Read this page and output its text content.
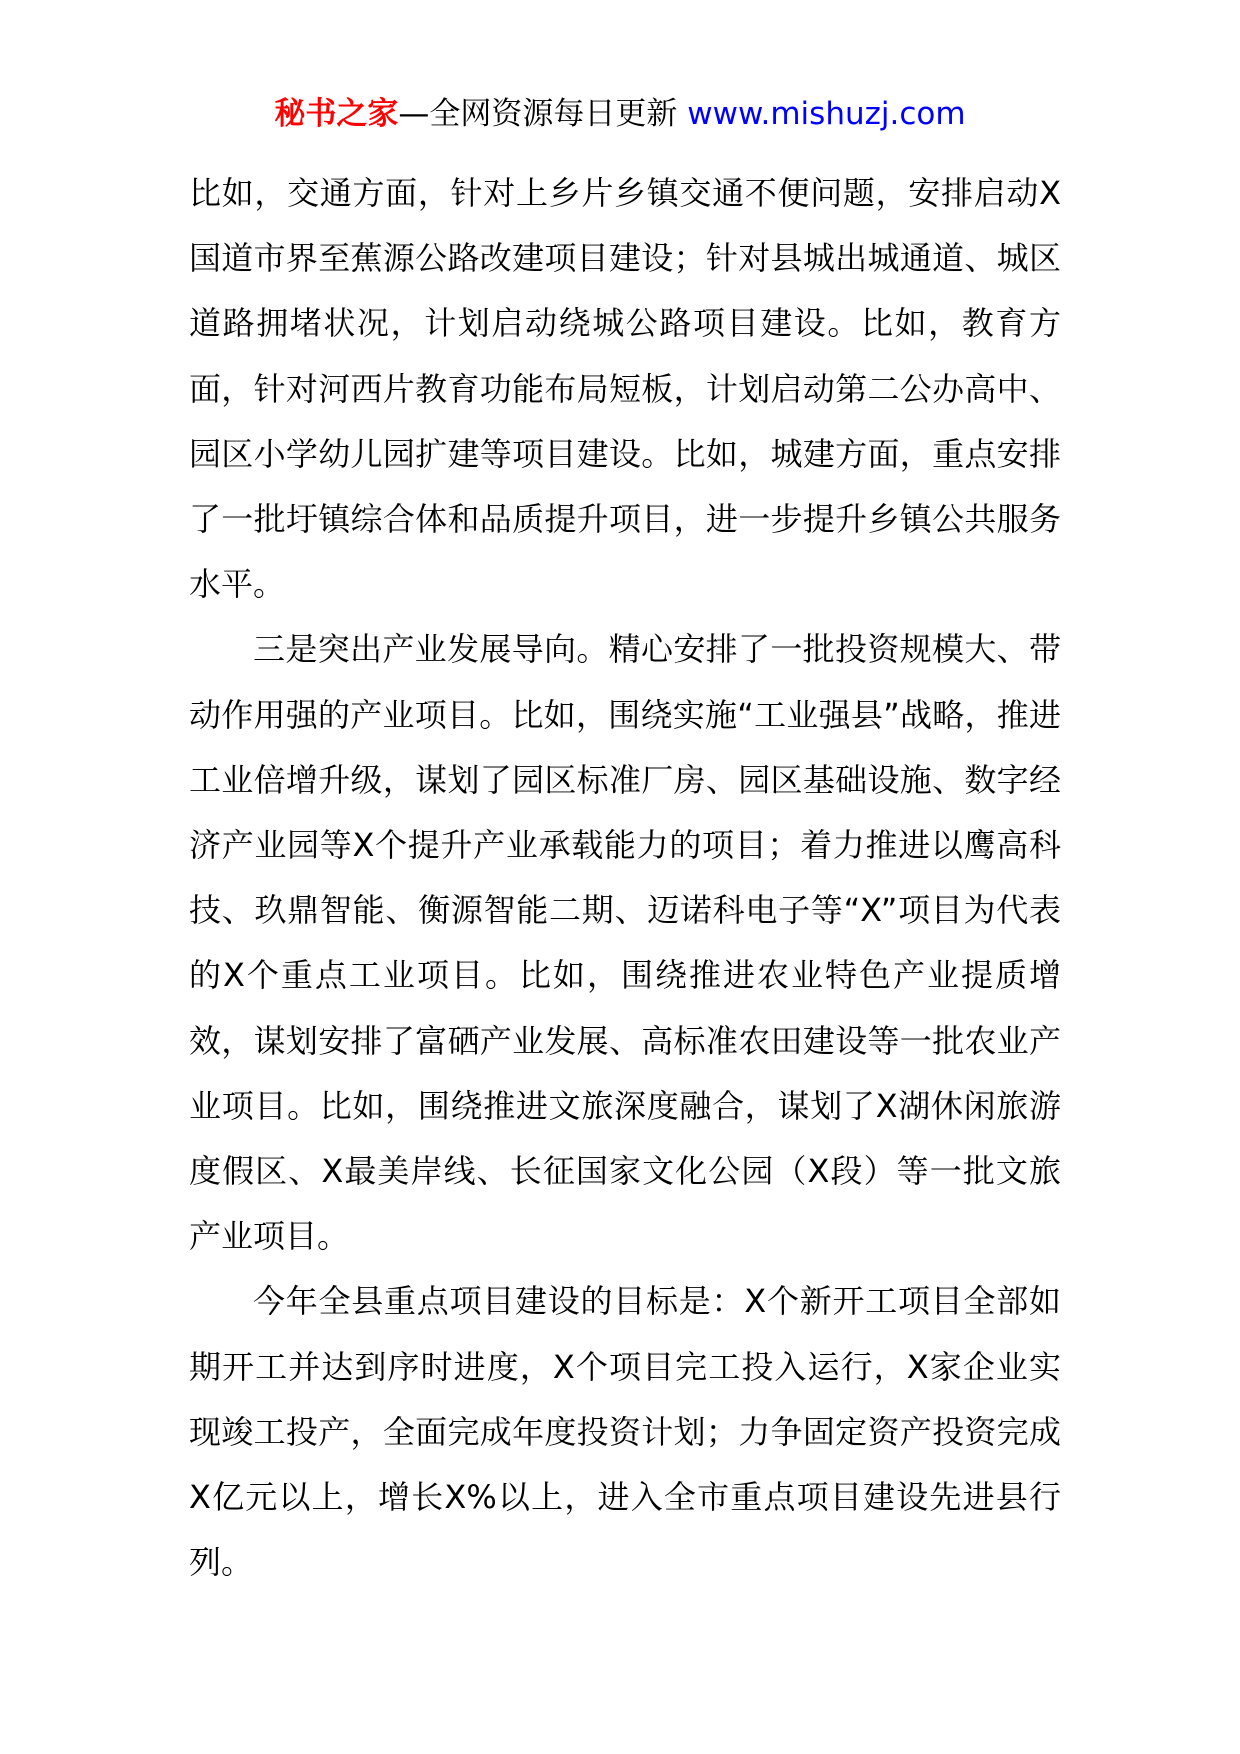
秘书之家—全网资源每日更新 www.mishuzj.com

比如，交通方面，针对上乡片乡镇交通不便问题，安排启动X国道市界至蕉源公路改建项目建设；针对县城出城通道、城区道路拥堵状况，计划启动绕城公路项目建设。比如，教育方面，针对河西片教育功能布局短板，计划启动第二公办高中、园区小学幼儿园扩建等项目建设。比如，城建方面，重点安排了一批圩镇综合体和品质提升项目，进一步提升乡镇公共服务水平。

三是突出产业发展导向。精心安排了一批投资规模大、带动作用强的产业项目。比如，围绕实施“工业强县”战略，推进工业倍增升级，谋划了园区标准厂房、园区基础设施、数字经济产业园等X个提升产业承载能力的项目；着力推进以鹰高科技、玖鼎智能、衡源智能二期、迈诺科电子等“X”项目为代表的X个重点工业项目。比如，围绕推进农业特色产业提质增效，谋划安排了富硒产业发展、高标准农田建设等一批农业产业项目。比如，围绕推进文旅深度融合，谋划了X湖休闲旅游度假区、X最美岸线、长征国家文化公园（X段）等一批文旅产业项目。

今年全县重点项目建设的目标是：X个新开工项目全部如期开工并达到序时进度，X个项目完工投入运行，X家企业实现竣工投产，全面完成年度投资计划；力争固定资产投资完成X亿元以上，增长X%以上，进入全市重点项目建设先进县行列。
